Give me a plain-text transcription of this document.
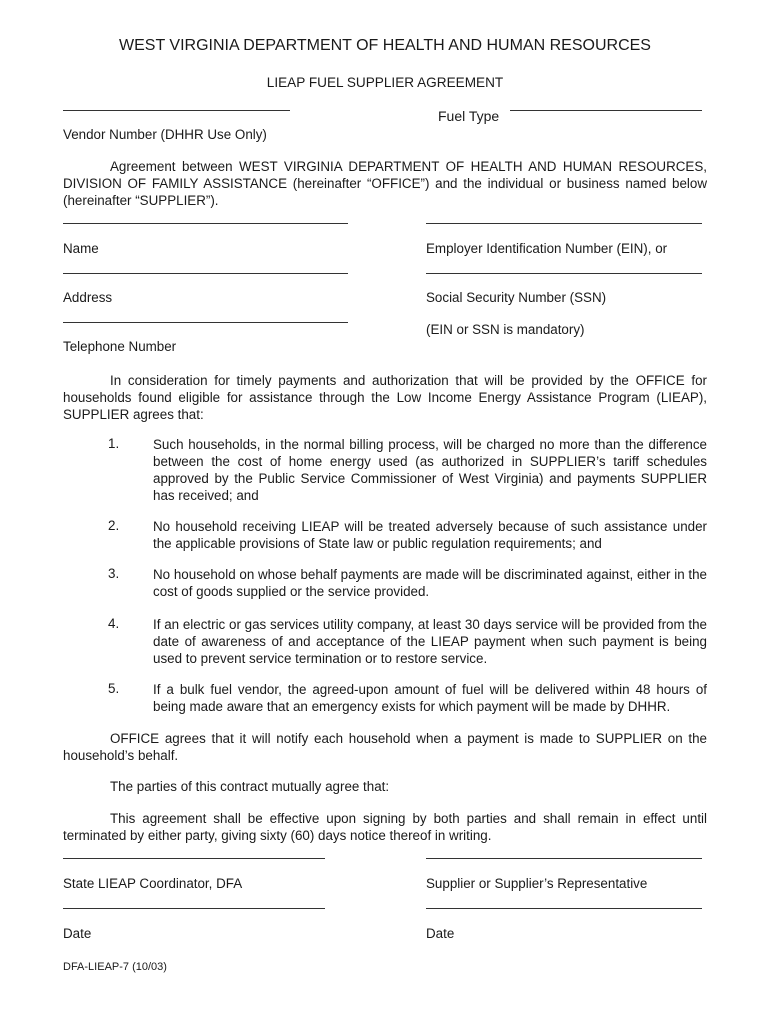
WEST VIRGINIA DEPARTMENT OF HEALTH AND HUMAN RESOURCES

LIEAP FUEL SUPPLIER AGREEMENT

Fuel Type
Vendor Number (DHHR Use Only)

Agreement between WEST VIRGINIA DEPARTMENT OF HEALTH AND HUMAN RESOURCES, DIVISION OF FAMILY ASSISTANCE (hereinafter “OFFICE”) and the individual or business named below (hereinafter “SUPPLIER”).

Name	Employer Identification Number (EIN), or
Address	Social Security Number (SSN)
(EIN or SSN is mandatory)
Telephone Number

In consideration for timely payments and authorization that will be provided by the OFFICE for households found eligible for assistance through the Low Income Energy Assistance Program (LIEAP), SUPPLIER agrees that:

1.	Such households, in the normal billing process, will be charged no more than the difference between the cost of home energy used (as authorized in SUPPLIER’s tariff schedules approved by the Public Service Commissioner of West Virginia) and payments SUPPLIER has received; and

2.	No household receiving LIEAP will be treated adversely because of such assistance under the applicable provisions of State law or public regulation requirements; and

3.	No household on whose behalf payments are made will be discriminated against, either in the cost of goods supplied or the service provided.

4.	If an electric or gas services utility company, at least 30 days service will be provided from the date of awareness of and acceptance of the LIEAP payment when such payment is being used to prevent service termination or to restore service.

5.	If a bulk fuel vendor, the agreed-upon amount of fuel will be delivered within 48 hours of being made aware that an emergency exists for which payment will be made by DHHR.

OFFICE agrees that it will notify each household when a payment is made to SUPPLIER on the household’s behalf.

The parties of this contract mutually agree that:

This agreement shall be effective upon signing by both parties and shall remain in effect until terminated by either party, giving sixty (60) days notice thereof in writing.

State LIEAP Coordinator, DFA	Supplier or Supplier’s Representative
Date	Date
DFA-LIEAP-7 (10/03)
